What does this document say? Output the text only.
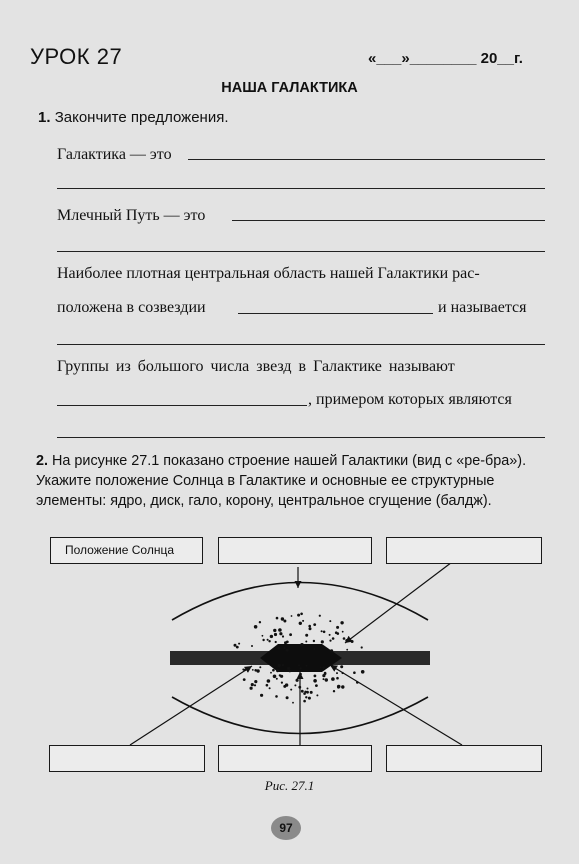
УРОК 27	«___»________ 20__г.
НАША ГАЛАКТИКА
1. Закончите предложения.
Галактика — это
Млечный Путь — это
Наиболее плотная центральная область нашей Галактики рас-
положена в созвездии	и называется
Группы из большого числа звезд в Галактике называют
, примером которых являются
2. На рисунке 27.1 показано строение нашей Галактики (вид с «ре-бра»). Укажите положение Солнца в Галактике и основные ее структурные элементы: ядро, диск, гало, корону, центральное сгущение (балдж).
Положение Солнца
Рис. 27.1
97
